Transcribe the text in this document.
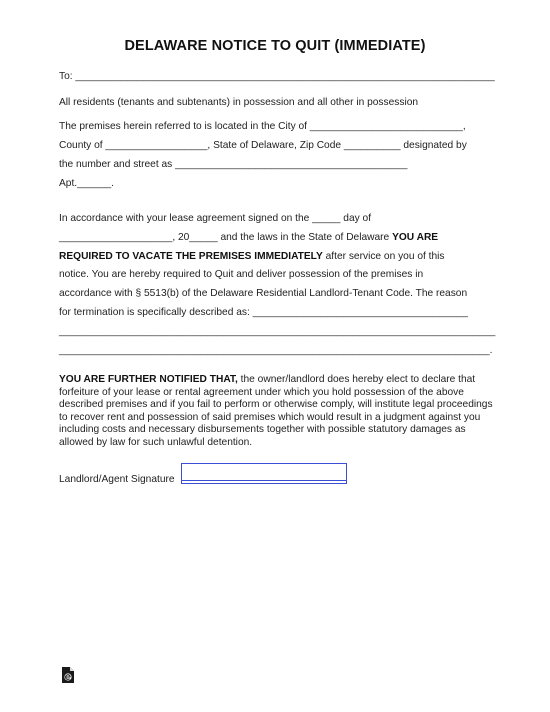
DELAWARE NOTICE TO QUIT (IMMEDIATE)
To: __________________________________________________________________________
All residents (tenants and subtenants) in possession and all other in possession
The premises herein referred to is located in the City of ___________________________,
County of __________________, State of Delaware, Zip Code __________ designated by
the number and street as _________________________________________
Apt.______.
In accordance with your lease agreement signed on the _____ day of
____________________, 20_____ and the laws in the State of Delaware YOU ARE
REQUIRED TO VACATE THE PREMISES IMMEDIATELY after service on you of this
notice. You are hereby required to Quit and deliver possession of the premises in
accordance with § 5513(b) of the Delaware Residential Landlord-Tenant Code. The reason
for termination is specifically described as: ______________________________________
_____________________________________________________________________________
____________________________________________________________________________.
YOU ARE FURTHER NOTIFIED THAT, the owner/landlord does hereby elect to declare that forfeiture of your lease or rental agreement under which you hold possession of the above described premises and if you fail to perform or otherwise comply, will institute legal proceedings to recover rent and possession of said premises which would result in a judgment against you including costs and necessary disbursements together with possible statutory damages as allowed by law for such unlawful detention.
Landlord/Agent Signature
